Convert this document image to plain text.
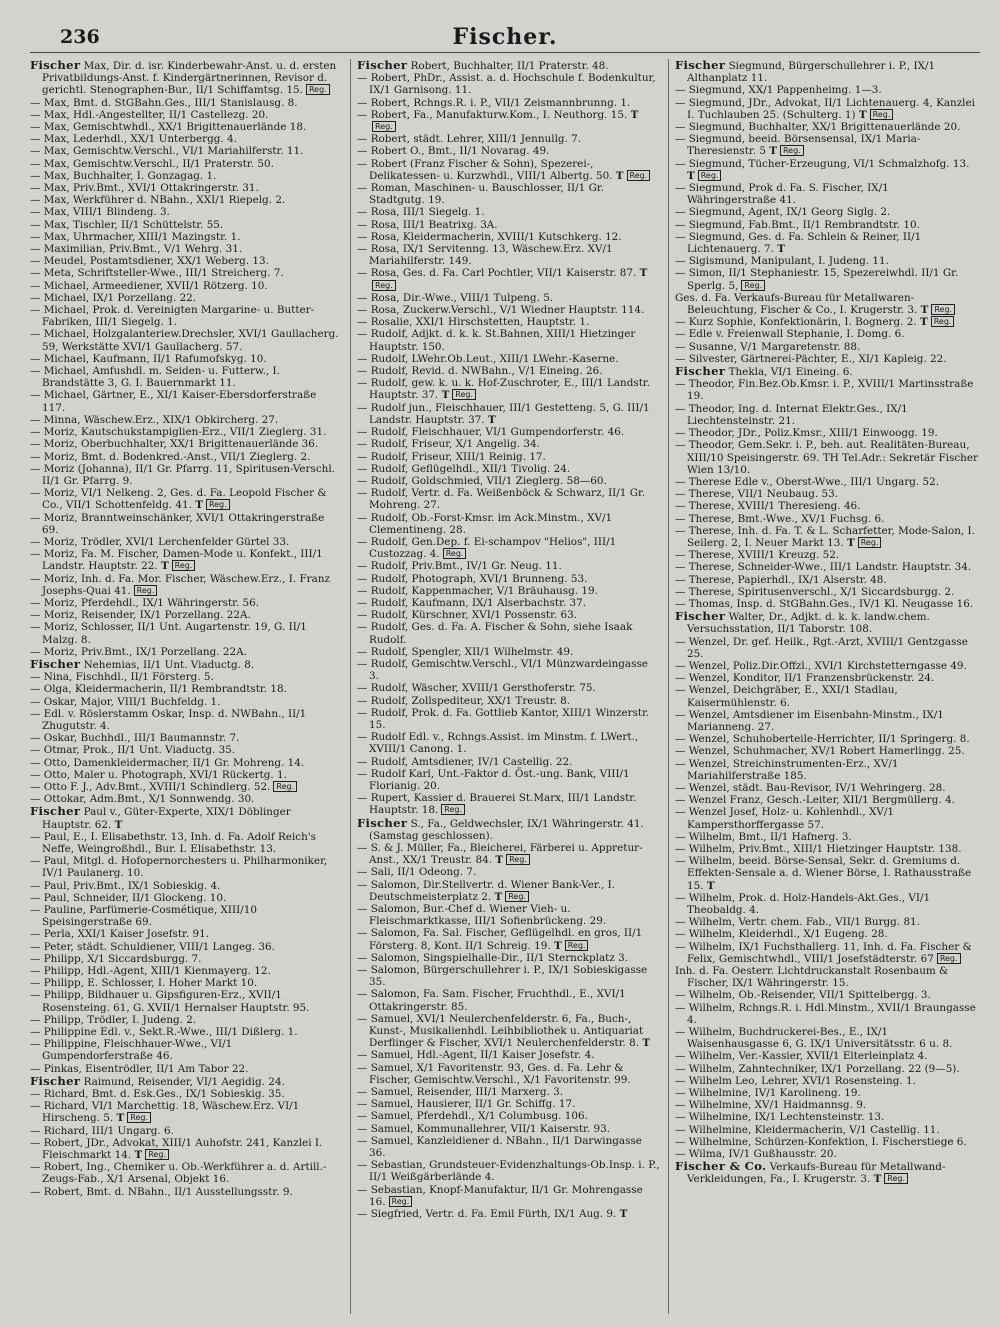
236	Fischer.

Fischer Max, Dir. d. isr. Kinderbewahr-Anst. u. d. ersten Privatbildungs-Anst. f. Kindergärtnerinnen, Revisor d. gerichtl. Stenographen-Bur., II/1 Schiffamtsg. 15. Reg.

— Max, Bmt. d. StGBahn.Ges., III/1 Stanislausg. 8.

— Max, Hdl.-Angestellter, II/1 Castellezg. 20.

— Max, Gemischtwhdl., XX/1 Brigittenauerlände 18.

— Max, Lederhdl., XX/1 Unterbergg. 4.

— Max, Gemischtw.Verschl., VI/1 Mariahilferstr. 11.

— Max, Gemischtw.Verschl., II/1 Praterstr. 50.

— Max, Buchhalter, I. Gonzagag. 1.

— Max, Priv.Bmt., XVI/1 Ottakringerstr. 31.

— Max, Werkführer d. NBahn., XXI/1 Riepelg. 2.

— Max, VIII/1 Blindeng. 3.

— Max, Tischler, II/1 Schüttelstr. 55.

— Max, Uhrmacher, XIII/1 Mazingstr. 1.

— Maximilian, Priv.Bmt., V/1 Wehrg. 31.

— Meudel, Postamtsdiener, XX/1 Weberg. 13.

— Meta, Schriftsteller-Wwe., III/1 Streicherg. 7.

— Michael, Armeediener, XVII/1 Rötzerg. 10.

— Michael, IX/1 Porzellang. 22.

— Michael, Prok. d. Vereinigten Margarine- u. Butter-Fabriken, III/1 Siegelg. 1.

— Michael, Holzgalanteriew.Drechsler, XVI/1 Gaullacherg. 59, Werkstätte XVI/1 Gaullacherg. 57.

— Michael, Kaufmann, II/1 Rafumofskyg. 10.

— Michael, Amfushdl. m. Seiden- u. Futterw., I. Brandstätte 3, G. I. Bauernmarkt 11.

— Michael, Gärtner, E., XI/1 Kaiser-Ebersdorferstraße 117.

— Minna, Wäschew.Erz., XIX/1 Obkircherg. 27.

— Moriz, Kautschukstampiglien-Erz., VII/1 Zieglerg. 31.

— Moriz, Oberbuchhalter, XX/1 Brigittenauerlände 36.

— Moriz, Bmt. d. Bodenkred.-Anst., VII/1 Zieglerg. 2.

— Moriz (Johanna), II/1 Gr. Pfarrg. 11, Spiritusen-Verschl. II/1 Gr. Pfarrg. 9.

— Moriz, VI/1 Nelkeng. 2, Ges. d. Fa. Leopold Fischer & Co., VII/1 Schottenfeldg. 41. T Reg.

— Moriz, Branntweinschänker, XVI/1 Ottakringerstraße 69.

— Moriz, Trödler, XVI/1 Lerchenfelder Gürtel 33.

— Moriz, Fa. M. Fischer, Damen-Mode u. Konfekt., III/1 Landstr. Hauptstr. 22. T Reg.

— Moriz, Inh. d. Fa. Mor. Fischer, Wäschew.Erz., I. Franz Josephs-Quai 41. Reg.

— Moriz, Pferdehdl., IX/1 Währingerstr. 56.

— Moriz, Reisender, IX/1 Porzellang. 22A.

— Moriz, Schlosser, II/1 Unt. Augartenstr. 19, G. II/1 Malzg. 8.

— Moriz, Priv.Bmt., IX/1 Porzellang. 22A.

Fischer Nehemias, II/1 Unt. Viaductg. 8.

— Nina, Fischhdl., II/1 Försterg. 5.

— Olga, Kleidermacherin, II/1 Rembrandtstr. 18.

— Oskar, Major, VIII/1 Buchfeldg. 1.

— Edl. v. Röslerstamm Oskar, Insp. d. NWBahn., II/1 Zhugutstr. 4.

— Oskar, Buchhdl., III/1 Baumannstr. 7.

— Otmar, Prok., II/1 Unt. Viaductg. 35.

— Otto, Damenkleidermacher, II/1 Gr. Mohreng. 14.

— Otto, Maler u. Photograph, XVI/1 Rückertg. 1.

— Otto F. J., Adv.Bmt., XVIII/1 Schindlerg. 52. Reg.

— Ottokar, Adm.Bmt., X/1 Sonnwendg. 30.

Fischer Paul v., Güter-Experte, XIX/1 Döblinger Hauptstr. 62. T

— Paul, E., I. Elisabethstr. 13, Inh. d. Fa. Adolf Reich's Neffe, Weingroßhdl., Bur. I. Elisabethstr. 13.

— Paul, Mitgl. d. Hofopernorchesters u. Philharmoniker, IV/1 Paulanerg. 10.

— Paul, Priv.Bmt., IX/1 Sobieskig. 4.

— Paul, Schneider, II/1 Glockeng. 10.

— Pauline, Parfümerie-Cosmétique, XIII/10 Speisingerstraße 69.

— Perla, XXI/1 Kaiser Josefstr. 91.

— Peter, städt. Schuldiener, VIII/1 Langeg. 36.

— Philipp, X/1 Siccardsburgg. 7.

— Philipp, Hdl.-Agent, XIII/1 Kienmayerg. 12.

— Philipp, E. Schlosser, I. Hoher Markt 10.

— Philipp, Bildhauer u. Gipsfiguren-Erz., XVII/1 Rosensteing. 61, G. XVII/1 Hernalser Hauptstr. 95.

— Philipp, Trödler, I. Judeng. 2.

— Philippine Edl. v., Sekt.R.-Wwe., III/1 Dißlerg. 1.

— Philippine, Fleischhauer-Wwe., VI/1 Gumpendorferstraße 46.

— Pinkas, Eisentrödler, II/1 Am Tabor 22.

Fischer Raimund, Reisender, VI/1 Aegidig. 24.

— Richard, Bmt. d. Esk.Ges., IX/1 Sobieskig. 35.

— Richard, VI/1 Marchettig. 18, Wäschew.Erz. VI/1 Hirscheng. 5. T Reg.

— Richard, III/1 Ungarg. 6.

— Robert, JDr., Advokat, XIII/1 Auhofstr. 241, Kanzlei I. Fleischmarkt 14. T Reg.

— Robert, Ing., Chemiker u. Ob.-Werkführer a. d. Artill.-Zeugs-Fab., X/1 Arsenal, Objekt 16.

— Robert, Bmt. d. NBahn., II/1 Ausstellungsstr. 9.

Fischer Robert, Buchhalter, II/1 Praterstr. 48.

— Robert, PhDr., Assist. a. d. Hochschule f. Bodenkultur, IX/1 Garnisong. 11.

— Robert, Rchngs.R. i. P., VII/1 Zeismannbrunng. 1.

— Robert, Fa., Manufakturw.Kom., I. Neuthorg. 15. TReg.

— Robert, städt. Lehrer, XIII/1 Jennullg. 7.

— Robert O., Bmt., II/1 Novarag. 49.

— Robert (Franz Fischer & Sohn), Spezerei-, Delikatessen- u. Kurzwhdl., VIII/1 Albertg. 50. T Reg.

— Roman, Maschinen- u. Bauschlosser, II/1 Gr. Stadtgutg. 19.

— Rosa, III/1 Siegelg. 1.

— Rosa, III/1 Beatrixg. 3A.

— Rosa, Kleidermacherin, XVIII/1 Kutschkerg. 12.

— Rosa, IX/1 Servitenng. 13, Wäschew.Erz. XV/1 Mariahilferstr. 149.

— Rosa, Ges. d. Fa. Carl Pochtler, VII/1 Kaiserstr. 87. TReg.

— Rosa, Dir.-Wwe., VIII/1 Tulpeng. 5.

— Rosa, Zuckerw.Verschl., V/1 Wiedner Hauptstr. 114.

— Rosalie, XXI/1 Hirschstetten, Hauptstr. 1.

— Rudolf, Adjkt. d. k. k. St.Bahnen, XIII/1 Hietzinger Hauptstr. 150.

— Rudolf, LWehr.Ob.Leut., XIII/1 LWehr.-Kaserne.

— Rudolf, Revid. d. NWBahn., V/1 Eineing. 26.

— Rudolf, gew. k. u. k. Hof-Zuschroter, E., III/1 Landstr. Hauptstr. 37. T Reg.

— Rudolf jun., Fleischhauer, III/1 Gestetteng. 5, G. III/1 Landstr. Hauptstr. 37. T

— Rudolf, Fleischhauer, VI/1 Gumpendorferstr. 46.

— Rudolf, Friseur, X/1 Angelig. 34.

— Rudolf, Friseur, XIII/1 Reinig. 17.

— Rudolf, Geflügelhdl., XII/1 Tivolig. 24.

— Rudolf, Goldschmied, VII/1 Zieglerg. 58—60.

— Rudolf, Vertr. d. Fa. Weißenböck & Schwarz, II/1 Gr. Mohreng. 27.

— Rudolf, Ob.-Forst-Kmsr. im Ack.Minstm., XV/1 Clementineng. 28.

— Rudolf, Gen.Dep. f. Ei-schampov "Helios", III/1 Custozzag. 4. Reg.

— Rudolf, Priv.Bmt., IV/1 Gr. Neug. 11.

— Rudolf, Photograph, XVI/1 Brunneng. 53.

— Rudolf, Kappenmacher, V/1 Bräuhausg. 19.

— Rudolf, Kaufmann, IX/1 Alserbachstr. 37.

— Rudolf, Kürschner, XVI/1 Possenstr. 63.

— Rudolf, Ges. d. Fa. A. Fischer & Sohn, siehe Isaak Rudolf.

— Rudolf, Spengler, XII/1 Wilhelmstr. 49.

— Rudolf, Gemischtw.Verschl., VI/1 Münzwardeingasse 3.

— Rudolf, Wäscher, XVIII/1 Gersthoferstr. 75.

— Rudolf, Zollspediteur, XX/1 Treustr. 8.

— Rudolf, Prok. d. Fa. Gottlieb Kantor, XIII/1 Winzerstr. 15.

— Rudolf Edl. v., Rchngs.Assist. im Minstm. f. LWert., XVIII/1 Canong. 1.

— Rudolf, Amtsdiener, IV/1 Castellig. 22.

— Rudolf Karl, Unt.-Faktor d. Öst.-ung. Bank, VIII/1 Florianig. 20.

— Rupert, Kassier d. Brauerei St.Marx, III/1 Landstr. Hauptstr. 18. Reg.

Fischer S., Fa., Geldwechsler, IX/1 Währingerstr. 41. (Samstag geschlossen).

— S. & J. Müller, Fa., Bleicherei, Färberei u. Appretur-Anst., XX/1 Treustr. 84. T Reg.

— Sali, II/1 Odeong. 7.

— Salomon, Dir.Stellvertr. d. Wiener Bank-Ver., I. Deutschmeisterplatz 2. T Reg.

— Salomon, Bur.-Chef d. Wiener Vieh- u. Fleischmarktkasse, III/1 Sofienbrückeng. 29.

— Salomon, Fa. Sal. Fischer, Geflügelhdl. en gros, II/1 Försterg. 8, Kont. II/1 Schreig. 19. T Reg.

— Salomon, Singspielhalle-Dir., II/1 Sternckplatz 3.

— Salomon, Bürgerschullehrer i. P., IX/1 Sobieskigasse 35.

— Salomon, Fa. Sam. Fischer, Fruchthdl., E., XVI/1 Ottakringerstr. 85.

— Samuel, XVI/1 Neulerchenfelderstr. 6, Fa., Buch-, Kunst-, Musikalienhdl. Leihbibliothek u. Antiquariat Derflinger & Fischer, XVI/1 Neulerchenfelderstr. 8. T

— Samuel, Hdl.-Agent, II/1 Kaiser Josefstr. 4.

— Samuel, X/1 Favoritenstr. 93, Ges. d. Fa. Lehr & Fischer, Gemischtw.Verschl., X/1 Favoritenstr. 99.

— Samuel, Reisender, III/1 Marxerg. 3.

— Samuel, Hausierer, II/1 Gr. Schiffg. 17.

— Samuel, Pferdehdl., X/1 Columbusg. 106.

— Samuel, Kommunallehrer, VII/1 Kaiserstr. 93.

— Samuel, Kanzleidiener d. NBahn., II/1 Darwingasse 36.

— Sebastian, Grundsteuer-Evidenzhaltungs-Ob.Insp. i. P., II/1 Weißgärberlände 4.

— Sebastian, Knopf-Manufaktur, II/1 Gr. Mohrengasse 16. Reg.

— Siegfried, Vertr. d. Fa. Emil Fürth, IX/1 Aug. 9. T

Fischer Siegmund, Bürgerschullehrer i. P., IX/1 Althanplatz 11.

— Siegmund, XX/1 Pappenheimg. 1—3.

— Siegmund, JDr., Advokat, II/1 Lichtenauerg. 4, Kanzlei I. Tuchlauben 25. (Schulterg. 1) T Reg.

— Siegmund, Buchhalter, XX/1 Brigittenauerlände 20.

— Siegmund, beeid. Börsensensal, IX/1 Maria-Theresienstr. 5 T Reg.

— Siegmund, Tücher-Erzeugung, VI/1 Schmalzhofg. 13. T Reg.

— Siegmund, Prok d. Fa. S. Fischer, IX/1 Währingerstraße 41.

— Siegmund, Agent, IX/1 Georg Siglg. 2.

— Siegmund, Fab.Bmt., II/1 Rembrandtstr. 10.

— Siegmund, Ges. d. Fa. Schlein & Reiner, II/1 Lichtenauerg. 7. T

— Sigismund, Manipulant, I. Judeng. 11.

— Simon, II/1 Stephaniestr. 15, Spezereiwhdl. II/1 Gr. Sperlg. 5, Reg.

Ges. d. Fa. Verkaufs-Bureau für Metallwaren-Beleuchtung, Fischer & Co., I. Krugerstr. 3. T Reg.

— Kurz Sophie, Konfektionärin, I. Bognerg. 2. T Reg.

— Edle v. Freienwall Stephanie, I. Domg. 6.

— Susanne, V/1 Margaretenstr. 88.

— Silvester, Gärtnerei-Pächter, E., XI/1 Kapleig. 22.

Fischer Thekla, VI/1 Eineing. 6.

— Theodor, Fin.Bez.Ob.Kmsr. i. P., XVIII/1 Martinsstraße 19.

— Theodor, Ing. d. Internat Elektr.Ges., IX/1 Liechtensteinstr. 21.

— Theodor, JDr., Poliz.Kmsr., XIII/1 Einwoogg. 19.

— Theodor, Gem.Sekr. i. P., beh. aut. Realitäten-Bureau, XIII/10 Speisingerstr. 69. TH Tel.Adr.: Sekretär Fischer Wien 13/10.

— Therese Edle v., Oberst-Wwe., III/1 Ungarg. 52.

— Therese, VII/1 Neubaug. 53.

— Therese, XVIII/1 Theresieng. 46.

— Therese, Bmt.-Wwe., XV/1 Fuchsg. 6.

— Therese, Inh. d. Fa. T. & L. Scharfetter, Mode-Salon, I. Seilerg. 2, I. Neuer Markt 13. T Reg.

— Therese, XVIII/1 Kreuzg. 52.

— Therese, Schneider-Wwe., III/1 Landstr. Hauptstr. 34.

— Therese, Papierhdl., IX/1 Alserstr. 48.

— Therese, Spiritusenverschl., X/1 Siccardsburgg. 2.

— Thomas, Insp. d. StGBahn.Ges., IV/1 Kl. Neugasse 16.

Fischer Walter, Dr., Adjkt. d. k. k. landw.chem. Versuchsstation, II/1 Taborstr. 108.

— Wenzel, Dr. gef. Heilk., Rgt.-Arzt, XVIII/1 Gentzgasse 25.

— Wenzel, Poliz.Dir.Offzl., XVI/1 Kirchstetterngasse 49.

— Wenzel, Konditor, II/1 Franzensbrückenstr. 24.

— Wenzel, Deichgräber, E., XXI/1 Stadlau, Kaisermühlenstr. 6.

— Wenzel, Amtsdiener im Eisenbahn-Minstm., IX/1 Marianneng. 27.

— Wenzel, Schuhoberteile-Herrichter, II/1 Springerg. 8.

— Wenzel, Schuhmacher, XV/1 Robert Hamerlingg. 25.

— Wenzel, Streichinstrumenten-Erz., XV/1 Mariahilferstraße 185.

— Wenzel, städt. Bau-Revisor, IV/1 Wehringerg. 28.

— Wenzel Franz, Gesch.-Leiter, XII/1 Bergmüllerg. 4.

— Wenzel Josef, Holz- u. Kohlenhdl., XV/1 Kampersthorffergasse 57.

— Wilhelm, Bmt., II/1 Hafnerg. 3.

— Wilhelm, Priv.Bmt., XIII/1 Hietzinger Hauptstr. 138.

— Wilhelm, beeid. Börse-Sensal, Sekr. d. Gremiums d. Effekten-Sensale a. d. Wiener Börse, I. Rathausstraße 15. T

— Wilhelm, Prok. d. Holz-Handels-Akt.Ges., VI/1 Theobaldg. 4.

— Wilhelm, Vertr. chem. Fab., VII/1 Burgg. 81.

— Wilhelm, Kleiderhdl., X/1 Eugeng. 28.

— Wilhelm, IX/1 Fuchsthallerg. 11, Inh. d. Fa. Fischer & Felix, Gemischtwhdl., VIII/1 Josefstädterstr. 67 Reg.

Inh. d. Fa. Oesterr. Lichtdruckanstalt Rosenbaum & Fischer, IX/1 Währingerstr. 15.

— Wilhelm, Ob.-Reisender, VII/1 Spittelbergg. 3.

— Wilhelm, Rchngs.R. i. Hdl.Minstm., XVII/1 Braungasse 4.

— Wilhelm, Buchdruckerei-Bes., E., IX/1 Waisenhausgasse 6, G. IX/1 Universitätsstr. 6 u. 8.

— Wilhelm, Ver.-Kassier, XVII/1 Elterleinplatz 4.

— Wilhelm, Zahntechniker, IX/1 Porzellang. 22 (9—5).

— Wilhelm Leo, Lehrer, XVI/1 Rosensteing. 1.

— Wilhelmine, IV/1 Karolineng. 19.

— Wilhelmine, XV/1 Haidmannsg. 9.

— Wilhelmine, IX/1 Lechtensteinstr. 13.

— Wilhelmine, Kleidermacherin, V/1 Castellig. 11.

— Wilhelmine, Schürzen-Konfektion, I. Fischerstiege 6.

— Wilma, IV/1 Gußhausstr. 20.

Fischer & Co. Verkaufs-Bureau für Metallwand-Verkleidungen, Fa., I. Krugerstr. 3. T Reg.
